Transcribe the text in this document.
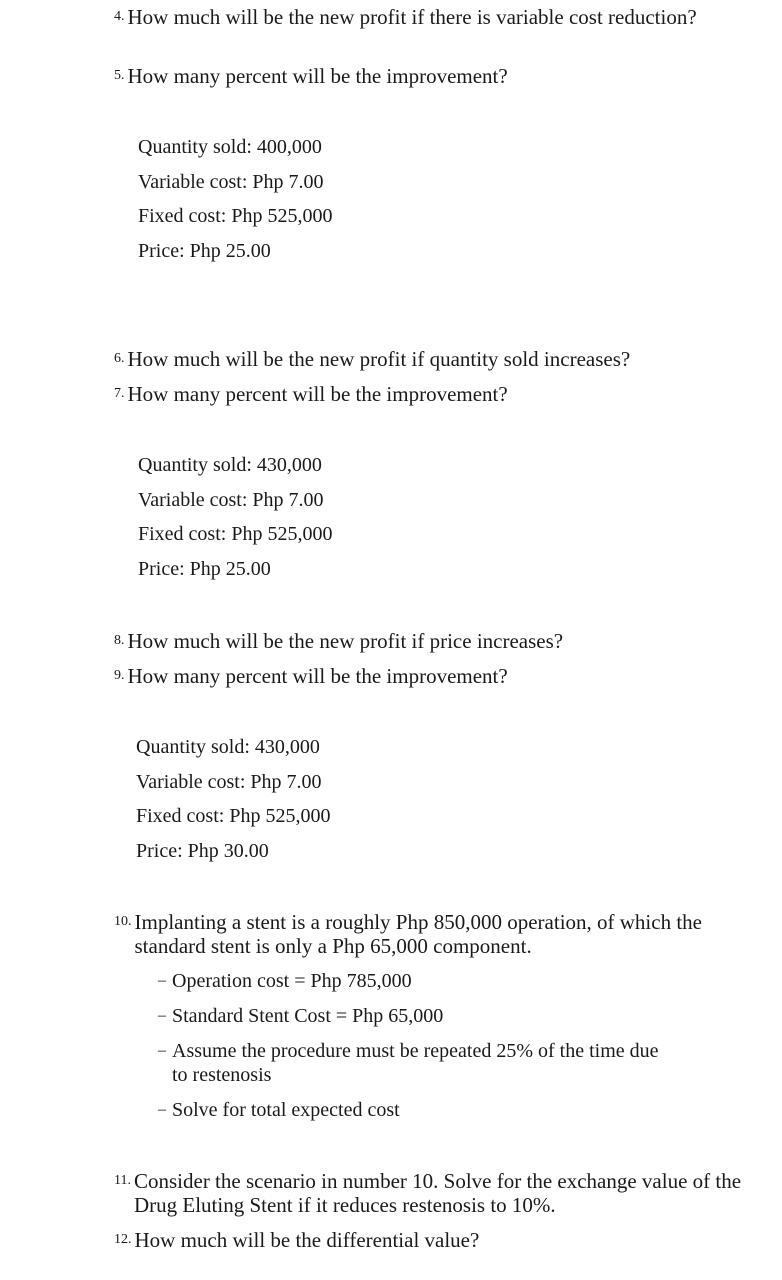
4. How much will be the new profit if there is variable cost reduction?
5. How many percent will be the improvement?
Quantity sold: 400,000
Variable cost: Php 7.00
Fixed cost: Php 525,000
Price: Php 25.00
6. How much will be the new profit if quantity sold increases?
7. How many percent will be the improvement?
Quantity sold: 430,000
Variable cost: Php 7.00
Fixed cost: Php 525,000
Price: Php 25.00
8. How much will be the new profit if price increases?
9. How many percent will be the improvement?
Quantity sold: 430,000
Variable cost: Php 7.00
Fixed cost: Php 525,000
Price: Php 30.00
10. Implanting a stent is a roughly Php 850,000 operation, of which the standard stent is only a Php 65,000 component.
– Operation cost = Php 785,000
– Standard Stent Cost = Php 65,000
– Assume the procedure must be repeated 25% of the time due to restenosis
– Solve for total expected cost
11. Consider the scenario in number 10. Solve for the exchange value of the Drug Eluting Stent if it reduces restenosis to 10%.
12. How much will be the differential value?
